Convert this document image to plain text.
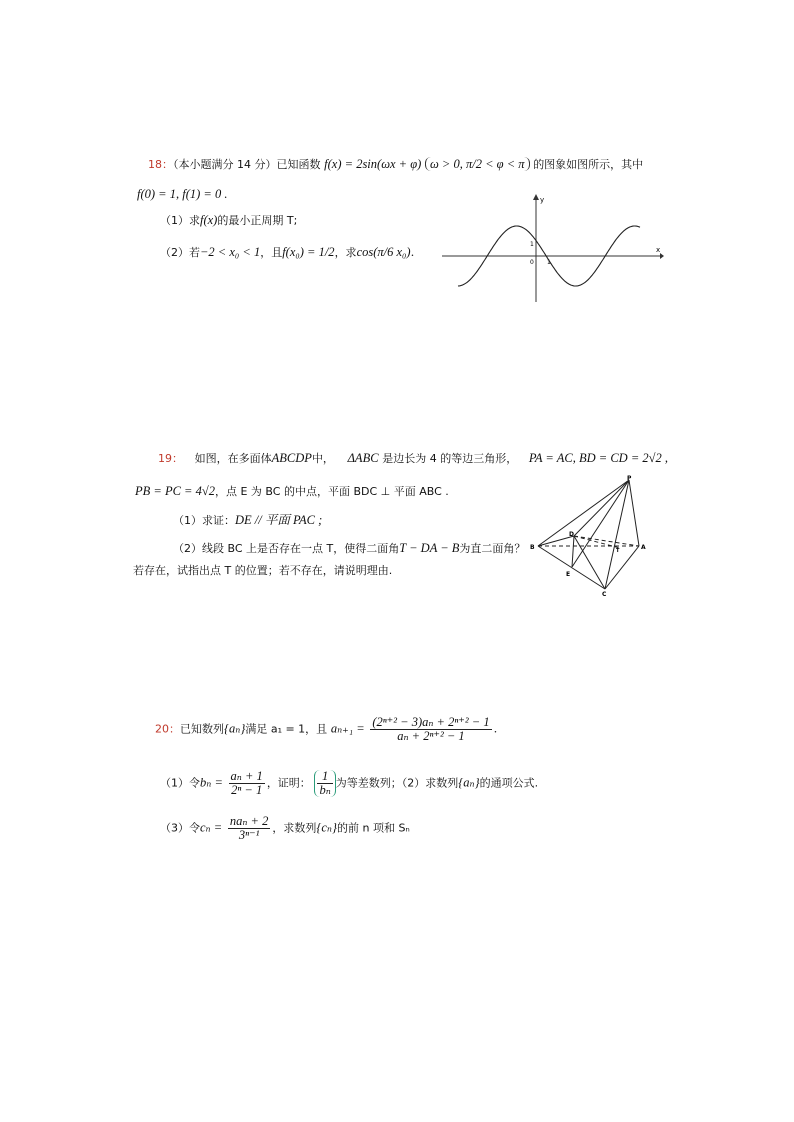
18：（本小题满分 14 分）已知函数 f(x) = 2sin(ωx + φ) ω > 0, π/2 < φ < π 的图象如图所示，其中
f(0) = 1, f(1) = 0 .
（1）求f(x)的最小正周期 T;
（2）若−2 < x₀ < 1，且f(x₀) = 1/2，求cos(π/6 x₀).
y
x
0 1
1
19： 如图，在多面体ABCDP中， ΔABC 是边长为 4 的等边三角形， PA = AC, BD = CD = 2√2 ,
PB = PC = 4√2，点 E 为 BC 的中点，平面 BDC ⊥ 平面 ABC .
（1）求证：DE // 平面 PAC ;
（2）线段 BC 上是否存在一点 T，使得二面角T − DA − B为直二面角？
若存在，试指出点 T 的位置；若不存在，请说明理由.
P
A
B
C
D
E
T
20：已知数列{aₙ}满足 a₁ = 1，且 $a_{n+1} = \frac{\text{(2ⁿ⁺² − 3)aₙ + 2ⁿ⁺² − 1}}{\text{aₙ + 2ⁿ⁺² − 1}}$ .
（1）令$b_n = \frac{\text{aₙ + 1}}{\text{2ⁿ − 1}}$ ，证明： $\frac{1}{\text{bₙ}}$ 为等差数列；（2）求数列{aₙ}的通项公式.
（3）令$c_n = \frac{\text{naₙ + 2}}{\text{3ⁿ⁻¹}}$ ，求数列{cₙ}的前 n 项和 Sₙ
